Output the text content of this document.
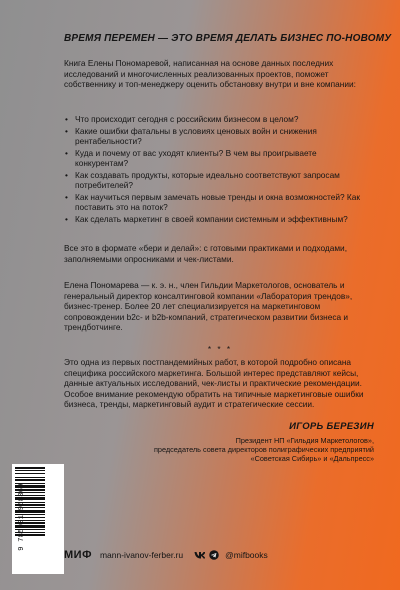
ВРЕМЯ ПЕРЕМЕН — ЭТО ВРЕМЯ ДЕЛАТЬ БИЗНЕС ПО-НОВОМУ
Книга Елены Пономаревой, написанная на основе данных последних исследований и многочисленных реализованных проектов, поможет собственнику и топ-менеджеру оценить обстановку внутри и вне компании:
• Что происходит сегодня с российским бизнесом в целом?
• Какие ошибки фатальны в условиях ценовых войн и снижения рентабельности?
• Куда и почему от вас уходят клиенты? В чем вы проигрываете конкурентам?
• Как создавать продукты, которые идеально соответствуют запросам потребителей?
• Как научиться первым замечать новые тренды и окна возможностей? Как поставить это на поток?
• Как сделать маркетинг в своей компании системным и эффективным?
Все это в формате «бери и делай»: с готовыми практиками и подходами, заполняемыми опросниками и чек-листами.
Елена Пономарева — к. э. н., член Гильдии Маркетологов, основатель и генеральный директор консалтинговой компании «Лаборатория трендов», бизнес-тренер. Более 20 лет специализируется на маркетинговом сопровождении b2c- и b2b-компаний, стратегическом развитии бизнеса и трендботчинге.
* * *
Это одна из первых постпандемийных работ, в которой подробно описана специфика российского маркетинга. Большой интерес представляют кейсы, данные актуальных исследований, чек-листы и практические рекомендации. Особое внимание рекомендую обратить на типичные маркетинговые ошибки бизнеса, тренды, маркетинговый аудит и стратегические сессии.
ИГОРЬ БЕРЕЗИН
Президент НП «Гильдия Маркетологов»,
председатель совета директоров полиграфических предприятий
«Советская Сибирь» и «Дальпресс»
9 785001 958369
МИФ mann-ivanov-ferber.ru	@mifbooks
